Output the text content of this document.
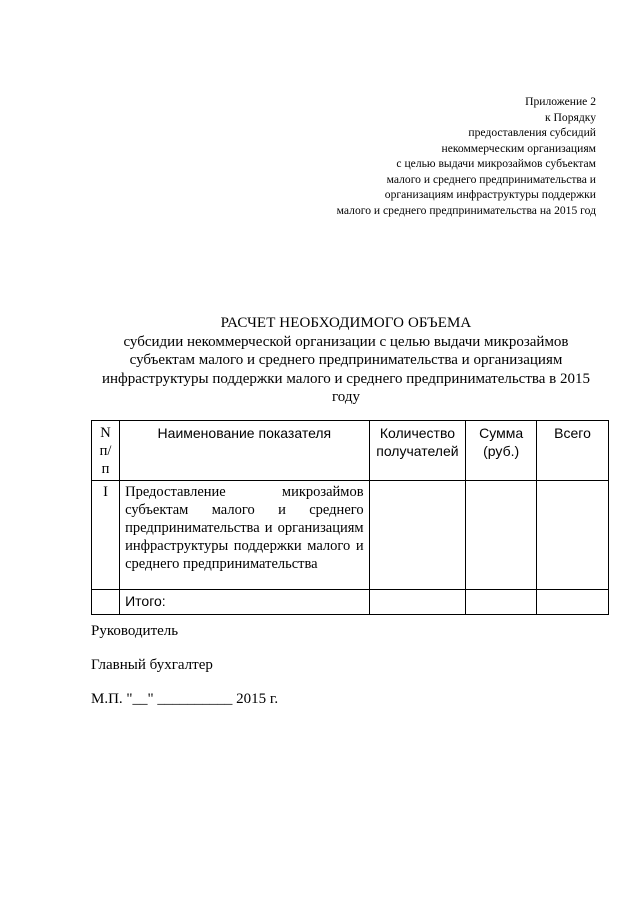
Приложение 2
к Порядку
предоставления субсидий
некоммерческим организациям
с целью выдачи микрозаймов субъектам
малого и среднего предпринимательства и
организациям инфраструктуры поддержки
малого и среднего предпринимательства на 2015 год
РАСЧЕТ НЕОБХОДИМОГО ОБЪЕМА
субсидии некоммерческой организации с целью выдачи микрозаймов субъектам малого и среднего предпринимательства и организациям инфраструктуры поддержки малого и среднего предпринимательства в 2015 году
N п/п	Наименование показателя	Количество получателей	Сумма (руб.)	Всего
I	Предоставление микрозаймов субъектам малого и среднего предпринимательства и организациям инфраструктуры поддержки малого и среднего предпринимательства			
	Итого:			
Руководитель
Главный бухгалтер
М.П. "__" __________ 2015 г.
